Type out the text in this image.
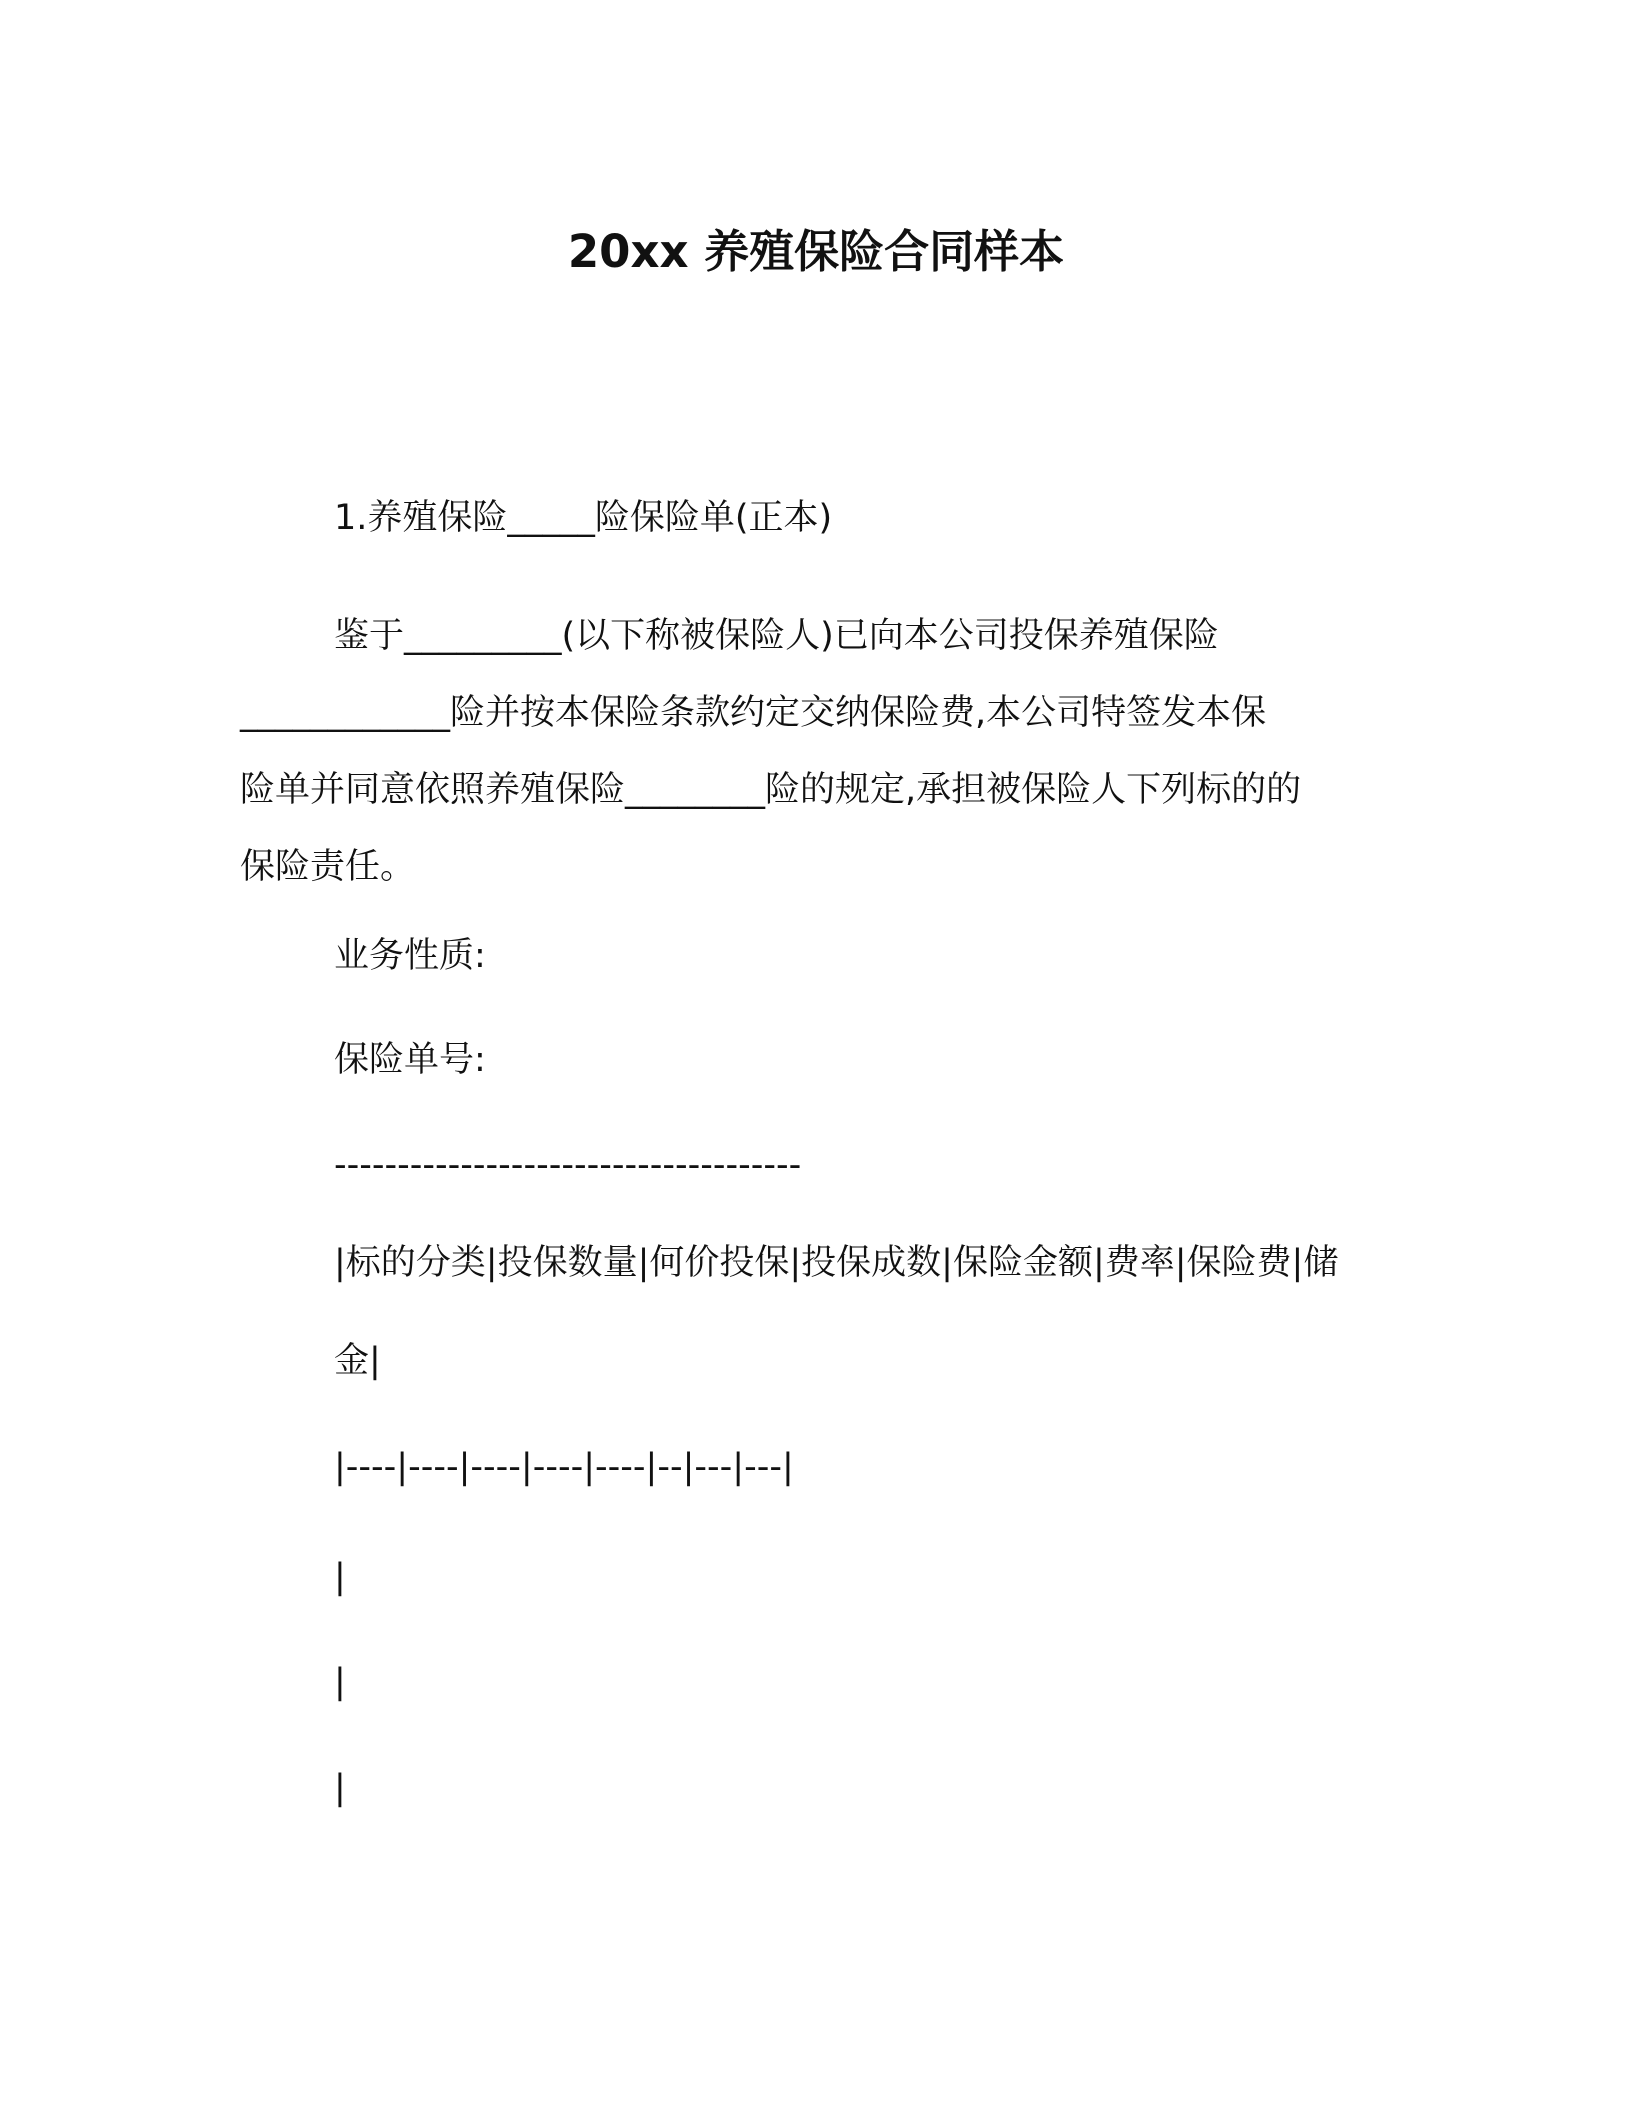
20xx 养殖保险合同样本

1.养殖保险_____险保险单(正本)

鉴于_________(以下称被保险人)已向本公司投保养殖保险
____________险并按本保险条款约定交纳保险费,本公司特签发本保
险单并同意依照养殖保险________险的规定,承担被保险人下列标的的
保险责任。

业务性质:

保险单号:

-------------------------------------

|标的分类|投保数量|何价投保|投保成数|保险金额|费率|保险费|储

金|

|----|----|----|----|----|--|---|---|

|

|

|
